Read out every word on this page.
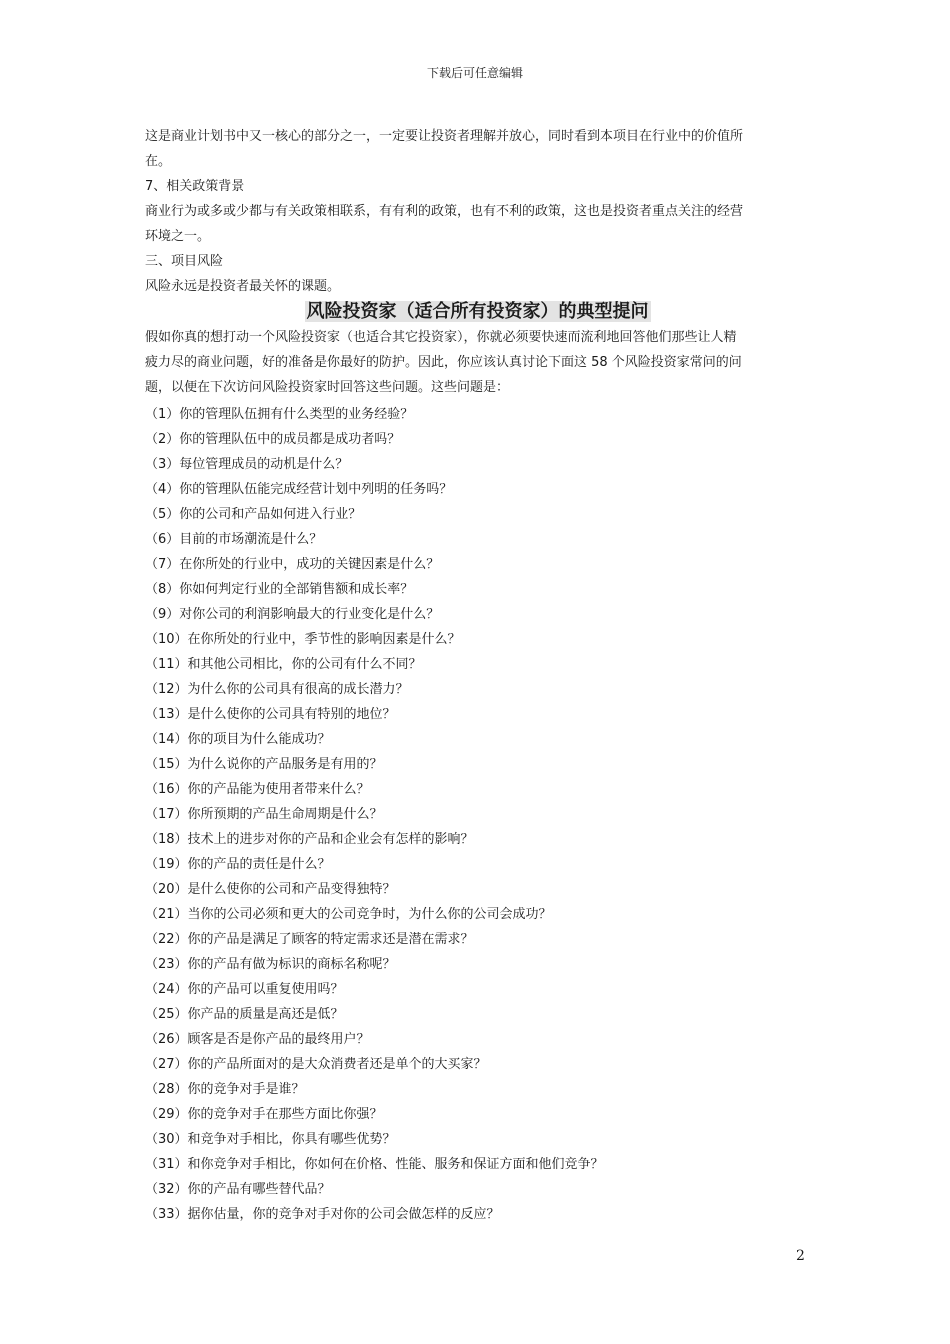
下载后可任意编辑
这是商业计划书中又一核心的部分之一，一定要让投资者理解并放心，同时看到本项目在行业中的价值所
在。
7、相关政策背景
商业行为或多或少都与有关政策相联系，有有利的政策，也有不利的政策，这也是投资者重点关注的经营
环境之一。
三、项目风险
风险永远是投资者最关怀的课题。
风险投资家（适合所有投资家）的典型提问
假如你真的想打动一个风险投资家（也适合其它投资家），你就必须要快速而流利地回答他们那些让人精
疲力尽的商业问题，好的准备是你最好的防护。因此，你应该认真讨论下面这 58 个风险投资家常问的问
题，以便在下次访问风险投资家时回答这些问题。这些问题是：
（1）你的管理队伍拥有什么类型的业务经验？
（2）你的管理队伍中的成员都是成功者吗？
（3）每位管理成员的动机是什么？
（4）你的管理队伍能完成经营计划中列明的任务吗？
（5）你的公司和产品如何进入行业？
（6）目前的市场潮流是什么？
（7）在你所处的行业中，成功的关键因素是什么？
（8）你如何判定行业的全部销售额和成长率？
（9）对你公司的利润影响最大的行业变化是什么？
（10）在你所处的行业中，季节性的影响因素是什么？
（11）和其他公司相比，你的公司有什么不同？
（12）为什么你的公司具有很高的成长潜力？
（13）是什么使你的公司具有特别的地位？
（14）你的项目为什么能成功？
（15）为什么说你的产品服务是有用的？
（16）你的产品能为使用者带来什么？
（17）你所预期的产品生命周期是什么？
（18）技术上的进步对你的产品和企业会有怎样的影响？
（19）你的产品的责任是什么？
（20）是什么使你的公司和产品变得独特？
（21）当你的公司必须和更大的公司竞争时，为什么你的公司会成功？
（22）你的产品是满足了顾客的特定需求还是潜在需求？
（23）你的产品有做为标识的商标名称呢？
（24）你的产品可以重复使用吗？
（25）你产品的质量是高还是低？
（26）顾客是否是你产品的最终用户？
（27）你的产品所面对的是大众消费者还是单个的大买家？
（28）你的竞争对手是谁？
（29）你的竞争对手在那些方面比你强？
（30）和竞争对手相比，你具有哪些优势？
（31）和你竞争对手相比，你如何在价格、性能、服务和保证方面和他们竞争？
（32）你的产品有哪些替代品？
（33）据你估量，你的竞争对手对你的公司会做怎样的反应？
2
